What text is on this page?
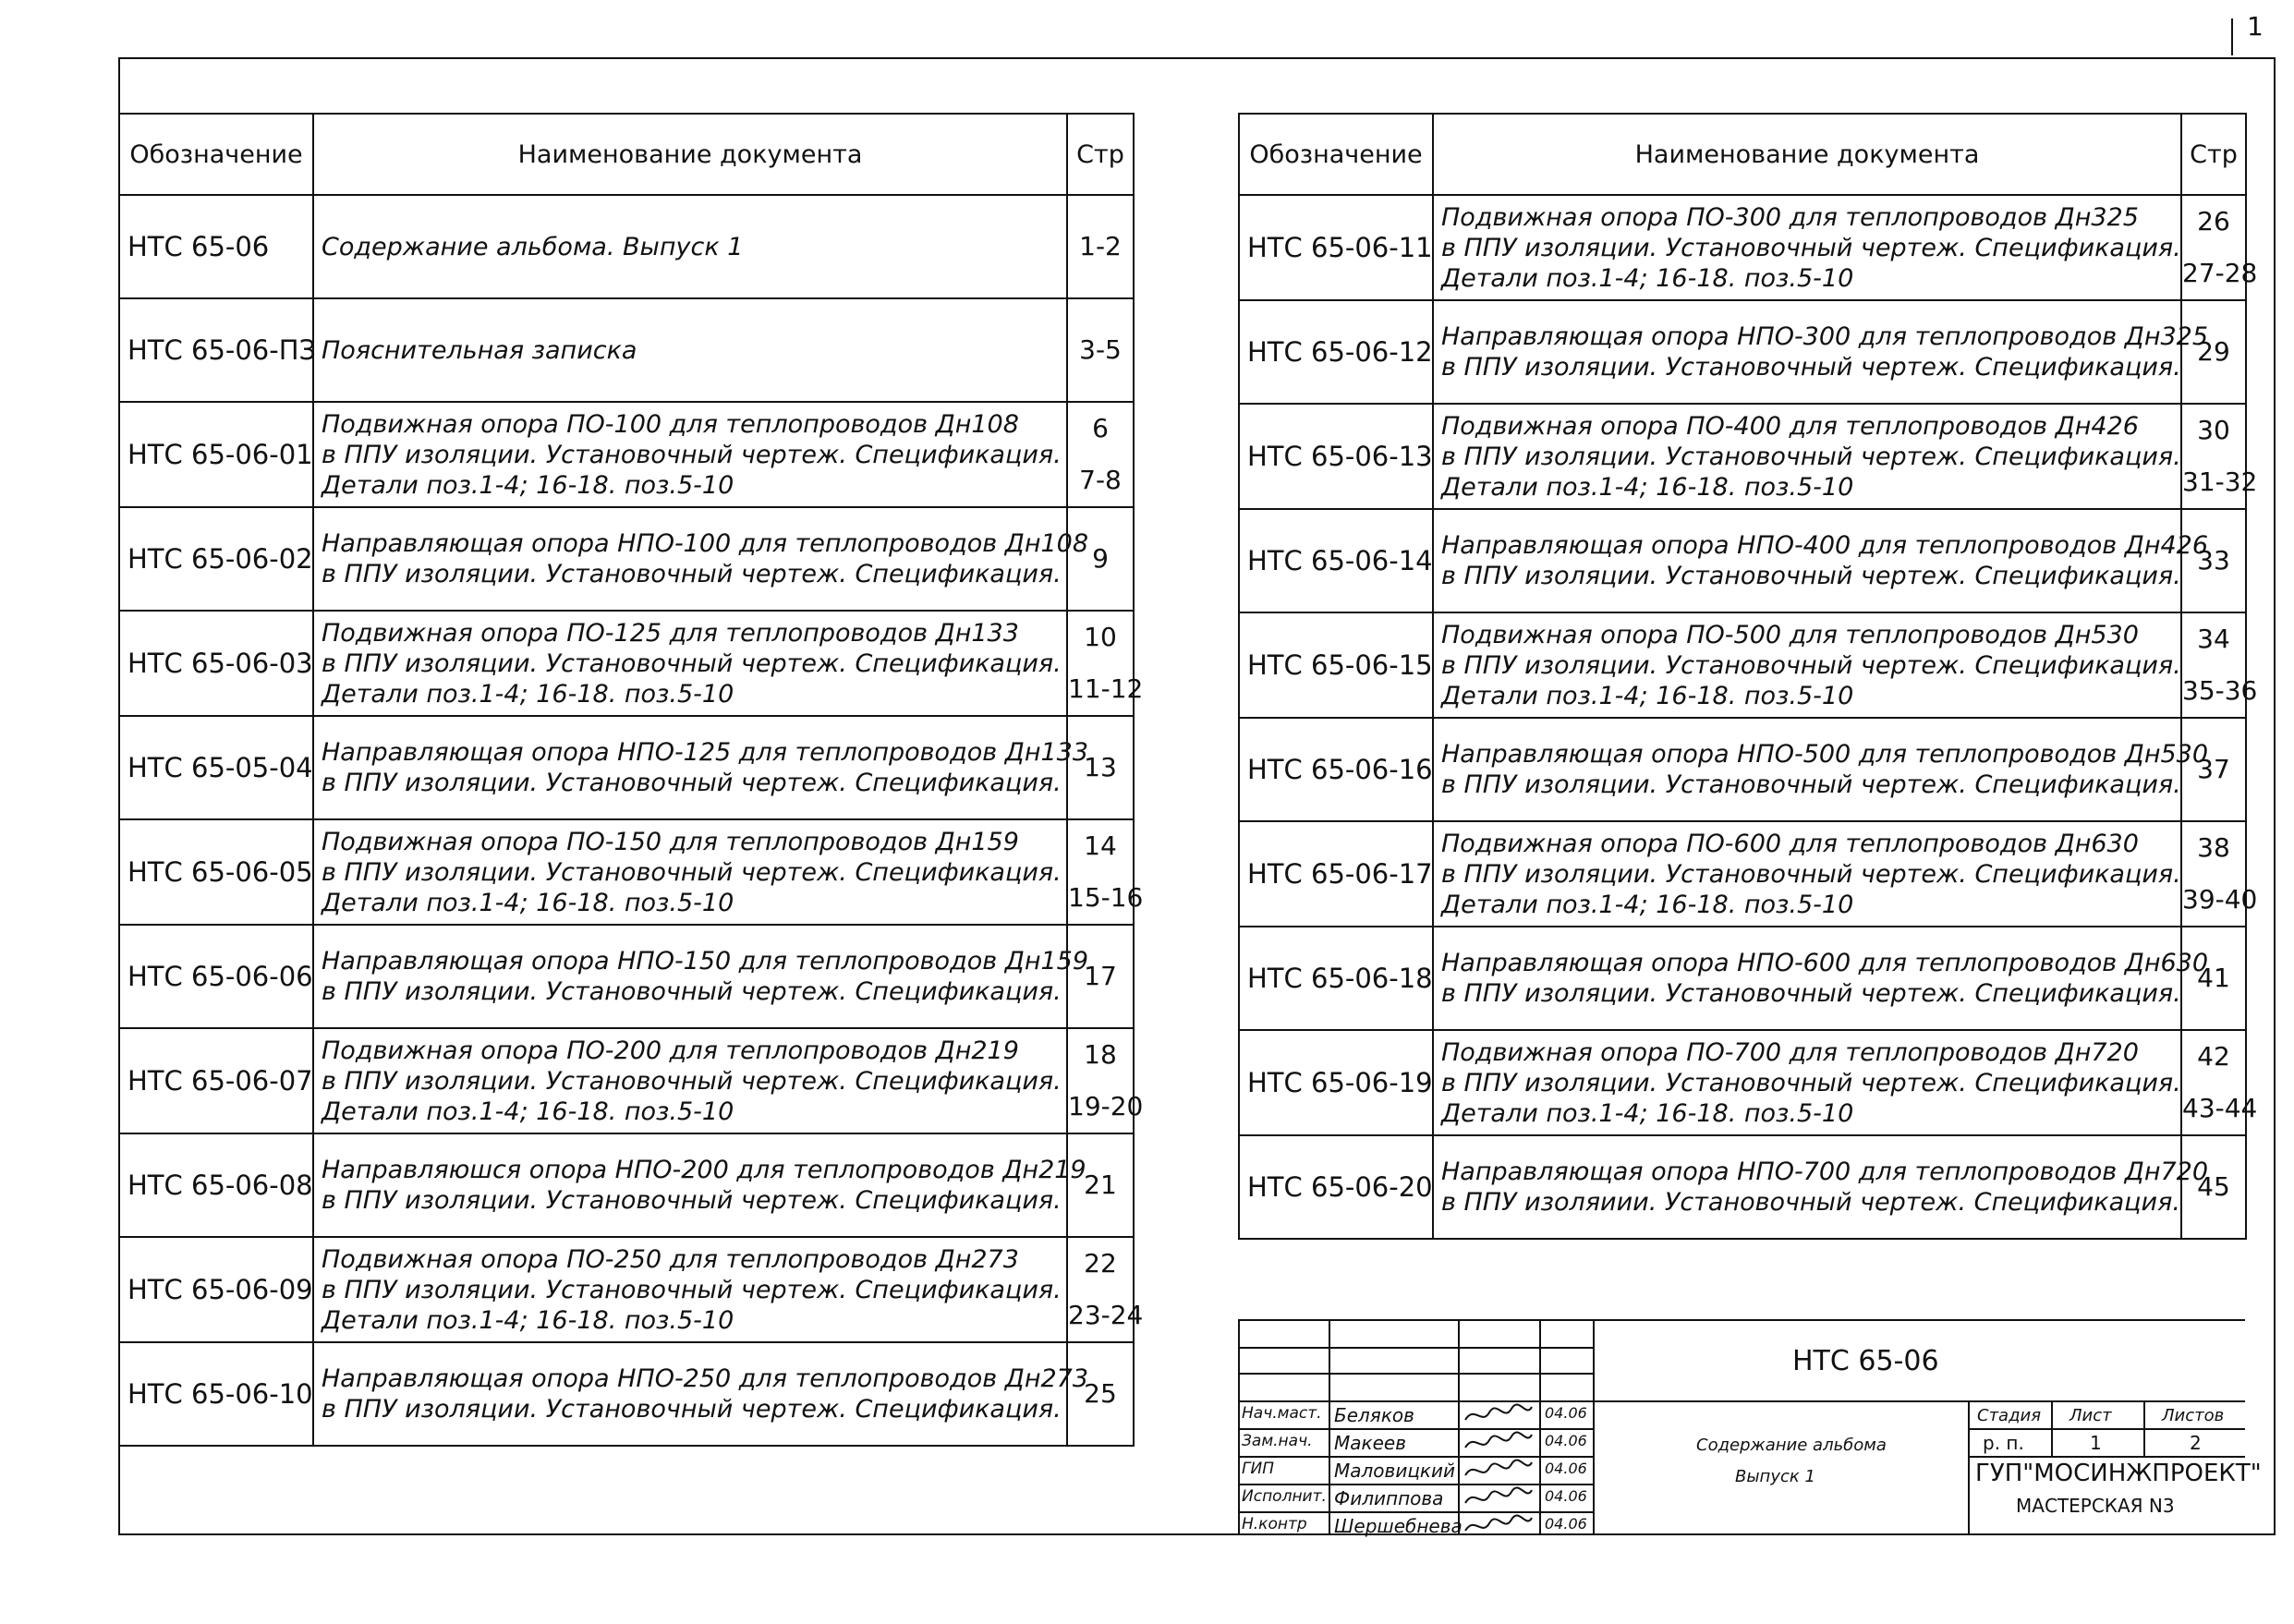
1
Обозначение	Наименование документа	Стр
НТС 65-06	Содержание альбома. Выпуск 1	1-2

НТС 65-06-ПЗ	Пояснительная записка	3-5

НТС 65-06-01	Подвижная опора ПО-100 для теплопроводов Дн108
в ППУ изоляции. Установочный чертеж. Спецификация.
Детали поз.1-4; 16-18. поз.5-10	6
7-8

НТС 65-06-02	Направляющая опора НПО-100 для теплопроводов Дн108
в ППУ изоляции. Установочный чертеж. Спецификация.	9

НТС 65-06-03	Подвижная опора ПО-125 для теплопроводов Дн133
в ППУ изоляции. Установочный чертеж. Спецификация.
Детали поз.1-4; 16-18. поз.5-10	10
11-12

НТС 65-05-04	Направляющая опора НПО-125 для теплопроводов Дн133
в ППУ изоляции. Установочный чертеж. Спецификация.	13

НТС 65-06-05	Подвижная опора ПО-150 для теплопроводов Дн159
в ППУ изоляции. Установочный чертеж. Спецификация.
Детали поз.1-4; 16-18. поз.5-10	14
15-16

НТС 65-06-06	Направляющая опора НПО-150 для теплопроводов Дн159
в ППУ изоляции. Установочный чертеж. Спецификация.	17

НТС 65-06-07	Подвижная опора ПО-200 для теплопроводов Дн219
в ППУ изоляции. Установочный чертеж. Спецификация.
Детали поз.1-4; 16-18. поз.5-10	18
19-20

НТС 65-06-08	Направляюшся опора НПО-200 для теплопроводов Дн219
в ППУ изоляции. Установочный чертеж. Спецификация.	21

НТС 65-06-09	Подвижная опора ПО-250 для теплопроводов Дн273
в ППУ изоляции. Установочный чертеж. Спецификация.
Детали поз.1-4; 16-18. поз.5-10	22
23-24

НТС 65-06-10	Направляющая опора НПО-250 для теплопроводов Дн273
в ППУ изоляции. Установочный чертеж. Спецификация.	25
Обозначение	Наименование документа	Стр
НТС 65-06-11	Подвижная опора ПО-300 для теплопроводов Дн325
в ППУ изоляции. Установочный чертеж. Спецификация.
Детали поз.1-4; 16-18. поз.5-10	26
27-28

НТС 65-06-12	Направляющая опора НПО-300 для теплопроводов Дн325
в ППУ изоляции. Установочный чертеж. Спецификация.	29

НТС 65-06-13	Подвижная опора ПО-400 для теплопроводов Дн426
в ППУ изоляции. Установочный чертеж. Спецификация.
Детали поз.1-4; 16-18. поз.5-10	30
31-32

НТС 65-06-14	Направляющая опора НПО-400 для теплопроводов Дн426
в ППУ изоляции. Установочный чертеж. Спецификация.	33

НТС 65-06-15	Подвижная опора ПО-500 для теплопроводов Дн530
в ППУ изоляции. Установочный чертеж. Спецификация.
Детали поз.1-4; 16-18. поз.5-10	34
35-36

НТС 65-06-16	Направляющая опора НПО-500 для теплопроводов Дн530
в ППУ изоляции. Установочный чертеж. Спецификация.	37

НТС 65-06-17	Подвижная опора ПО-600 для теплопроводов Дн630
в ППУ изоляции. Установочный чертеж. Спецификация.
Детали поз.1-4; 16-18. поз.5-10	38
39-40

НТС 65-06-18	Направляющая опора НПО-600 для теплопроводов Дн630
в ППУ изоляции. Установочный чертеж. Спецификация.	41

НТС 65-06-19	Подвижная опора ПО-700 для теплопроводов Дн720
в ППУ изоляции. Установочный чертеж. Спецификация.
Детали поз.1-4; 16-18. поз.5-10	42
43-44

НТС 65-06-20	Направляющая опора НПО-700 для теплопроводов Дн720
в ППУ изоляиии. Установочный чертеж. Спецификация.	45
НТС 65-06
Содержание альбома
Выпуск 1
Стадия Лист	Листов
р. п.	1	2
ГУП"МОСИНЖПРОЕКТ"
МАСТЕРСКАЯ N3
Нач.маст. Беляков	04.06
Зам.нач. Макеев	04.06
ГИП	Маловицкий	04.06
Исполнит. Филиппова	04.06
Н.контр Шершебнева	04.06
